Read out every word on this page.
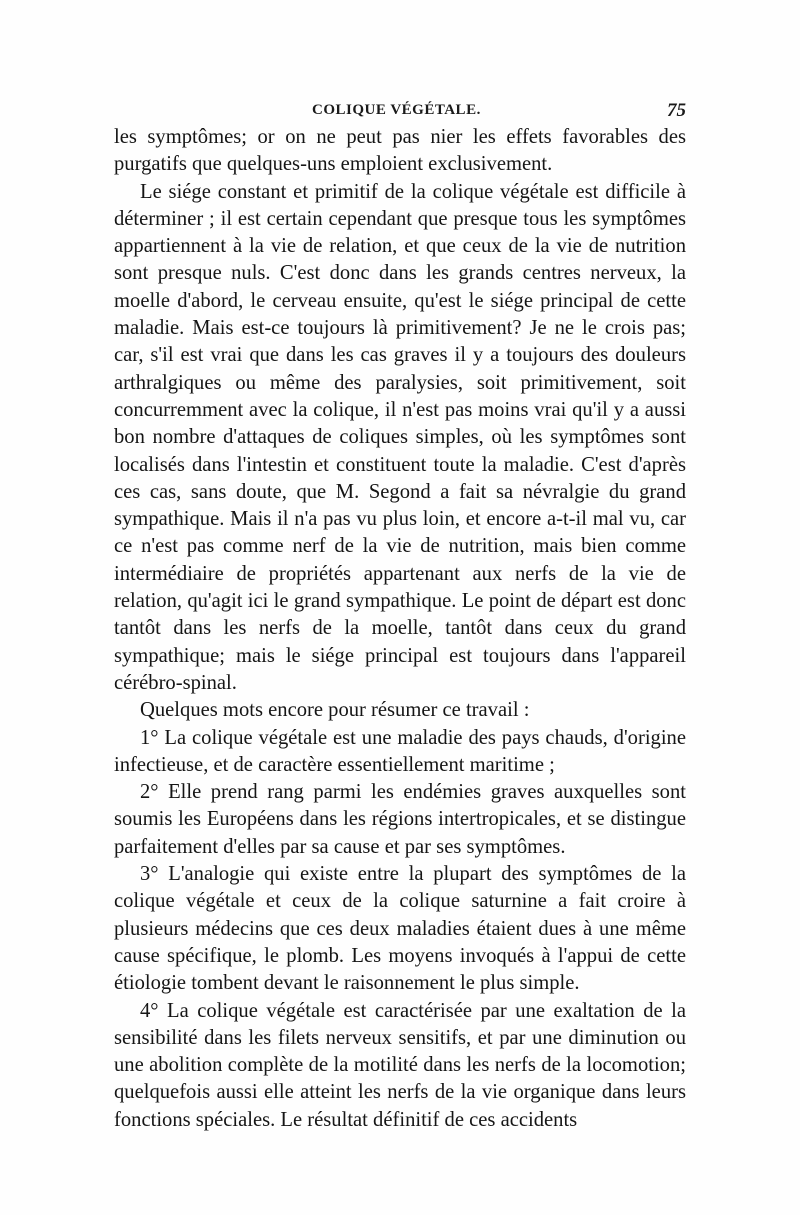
COLIQUE VÉGÉTALE.	75

les symptômes; or on ne peut pas nier les effets favorables des purgatifs que quelques-uns emploient exclusivement.

Le siége constant et primitif de la colique végétale est difficile à déterminer ; il est certain cependant que presque tous les symptômes appartiennent à la vie de relation, et que ceux de la vie de nutrition sont presque nuls. C'est donc dans les grands centres nerveux, la moelle d'abord, le cerveau ensuite, qu'est le siége principal de cette maladie. Mais est-ce toujours là primitivement? Je ne le crois pas; car, s'il est vrai que dans les cas graves il y a toujours des douleurs arthralgiques ou même des paralysies, soit primitivement, soit concurremment avec la colique, il n'est pas moins vrai qu'il y a aussi bon nombre d'attaques de coliques simples, où les symptômes sont localisés dans l'intestin et constituent toute la maladie. C'est d'après ces cas, sans doute, que M. Segond a fait sa névralgie du grand sympathique. Mais il n'a pas vu plus loin, et encore a-t-il mal vu, car ce n'est pas comme nerf de la vie de nutrition, mais bien comme intermédiaire de propriétés appartenant aux nerfs de la vie de relation, qu'agit ici le grand sympathique. Le point de départ est donc tantôt dans les nerfs de la moelle, tantôt dans ceux du grand sympathique; mais le siége principal est toujours dans l'appareil cérébro-spinal.

Quelques mots encore pour résumer ce travail :

1° La colique végétale est une maladie des pays chauds, d'origine infectieuse, et de caractère essentiellement maritime ;

2° Elle prend rang parmi les endémies graves auxquelles sont soumis les Européens dans les régions intertropicales, et se distingue parfaitement d'elles par sa cause et par ses symptômes.

3° L'analogie qui existe entre la plupart des symptômes de la colique végétale et ceux de la colique saturnine a fait croire à plusieurs médecins que ces deux maladies étaient dues à une même cause spécifique, le plomb. Les moyens invoqués à l'appui de cette étiologie tombent devant le raisonnement le plus simple.

4° La colique végétale est caractérisée par une exaltation de la sensibilité dans les filets nerveux sensitifs, et par une diminution ou une abolition complète de la motilité dans les nerfs de la locomotion; quelquefois aussi elle atteint les nerfs de la vie organique dans leurs fonctions spéciales. Le résultat définitif de ces accidents
